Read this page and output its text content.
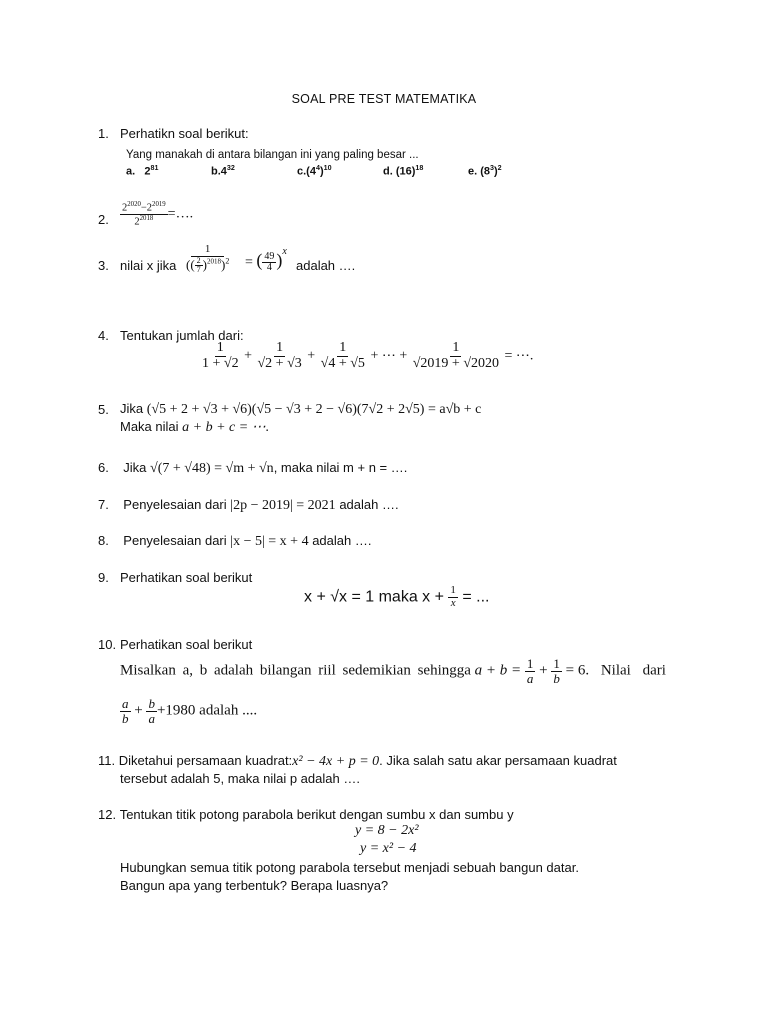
SOAL PRE TEST MATEMATIKA
1. Perhatikn soal berikut:
Yang manakah di antara bilangan ini yang paling besar ...
a. $2^{81}$	$b.4^{32}$	$c.(4^4)^{10}$	d. $(16)^{18}$	e. $(8^3)^2$
2. $\frac{2^{2020}-2^{2019}}{2^{2018}}$ =….
3. nilai x jika
1
(( $\frac{2}{7} )^{2018})^2$ = ( $\frac{49}{4} )^x$
adalah ….
4. Tentukan jumlah dari:
$\frac{1}{1 + √2} + \frac{1}{√2 + √3} + \frac{1}{√4 + √5}$ + ⋯ + $\frac{1}{√2019 + √2020}$ = ⋯.
5. Jika (√5 + 2 + √3 + √6)(√5 − √3 + 2 − √6)(7√2 + 2√5) = a√b + c
Maka nilai a + b + c = ⋯.
6. Jika √(7 + √48) = √m + √n, maka nilai m + n = ….
7. Penyelesaian dari |2p − 2019| = 2021 adalah ….
8. Penyelesaian dari |x − 5| = x + 4 adalah ….
9. Perhatikan soal berikut
x + √x = 1 maka $x + \frac{1}{x}$ = ...
10. Perhatikan soal berikut
Misalkan a, b adalah bilangan riil sedemikian sehingga $a + b = \frac{1}{a} + \frac{1}{b} = 6$. Nilai dari
$\frac{a}{b} + \frac{b}{a} +1980$ adalah ....
11. Diketahui persamaan kuadrat:x² − 4x + p = 0. Jika salah satu akar persamaan kuadrat
tersebut adalah 5, maka nilai p adalah ….
12. Tentukan titik potong parabola berikut dengan sumbu x dan sumbu y
y = 8 − 2x²
y = x² − 4
Hubungkan semua titik potong parabola tersebut menjadi sebuah bangun datar.
Bangun apa yang terbentuk? Berapa luasnya?
